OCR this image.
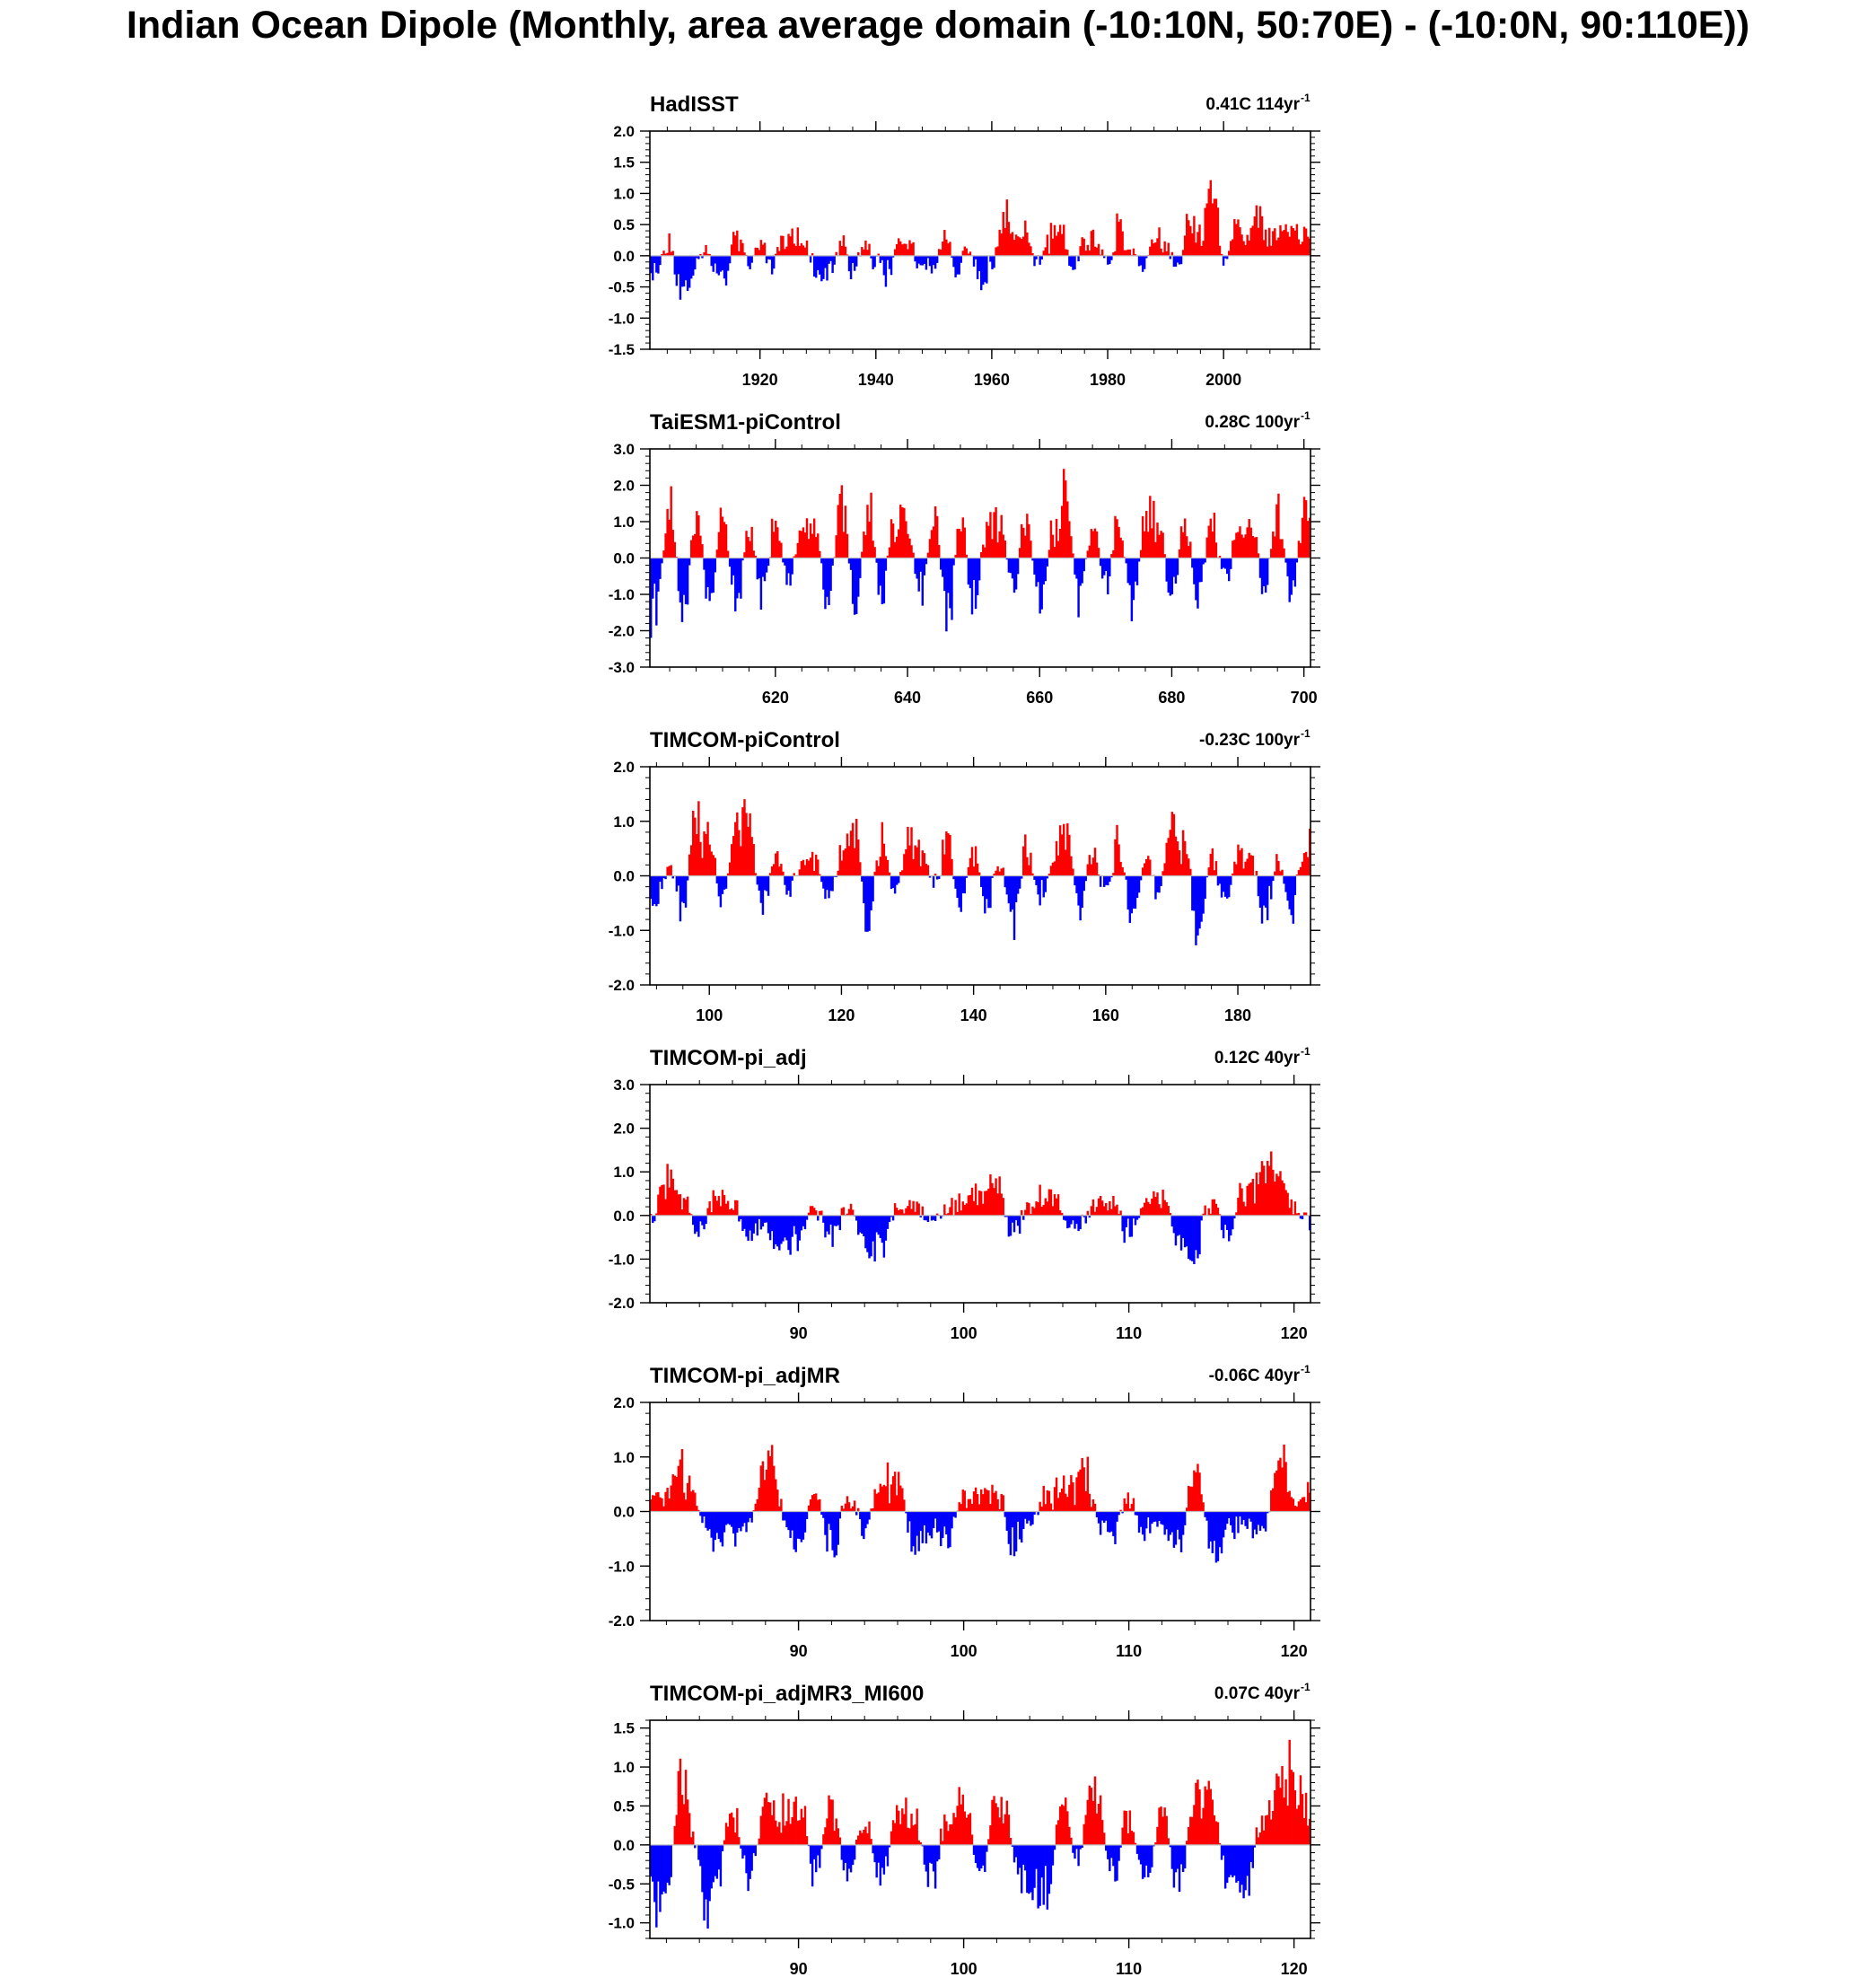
Indian Ocean Dipole (Monthly, area average domain (-10:10N, 50:70E) - (-10:0N, 90:110E))
-1.5
-1.0
-0.5
0.0
0.5
1.0
1.5
2.0
1920	1940	1960	1980	2000
HadISST	0.41C 114yr -1
-3.0
-2.0
-1.0
0.0
1.0
2.0
3.0
620	640	660	680	700
TaiESM1-piControl	0.28C 100yr -1
-2.0
-1.0
0.0
1.0
2.0
100	120	140	160	180
TIMCOM-piControl	-0.23C 100yr -1
-2.0
-1.0
0.0
1.0
2.0
3.0
90	100	110	120
TIMCOM-pi_adj	0.12C 40yr -1
-2.0
-1.0
0.0
1.0
2.0
90	100	110	120
TIMCOM-pi_adjMR	-0.06C 40yr -1
-1.0
-0.5
0.0
0.5
1.0
1.5
90	100	110	120
TIMCOM-pi_adjMR3_MI600	0.07C 40yr -1
